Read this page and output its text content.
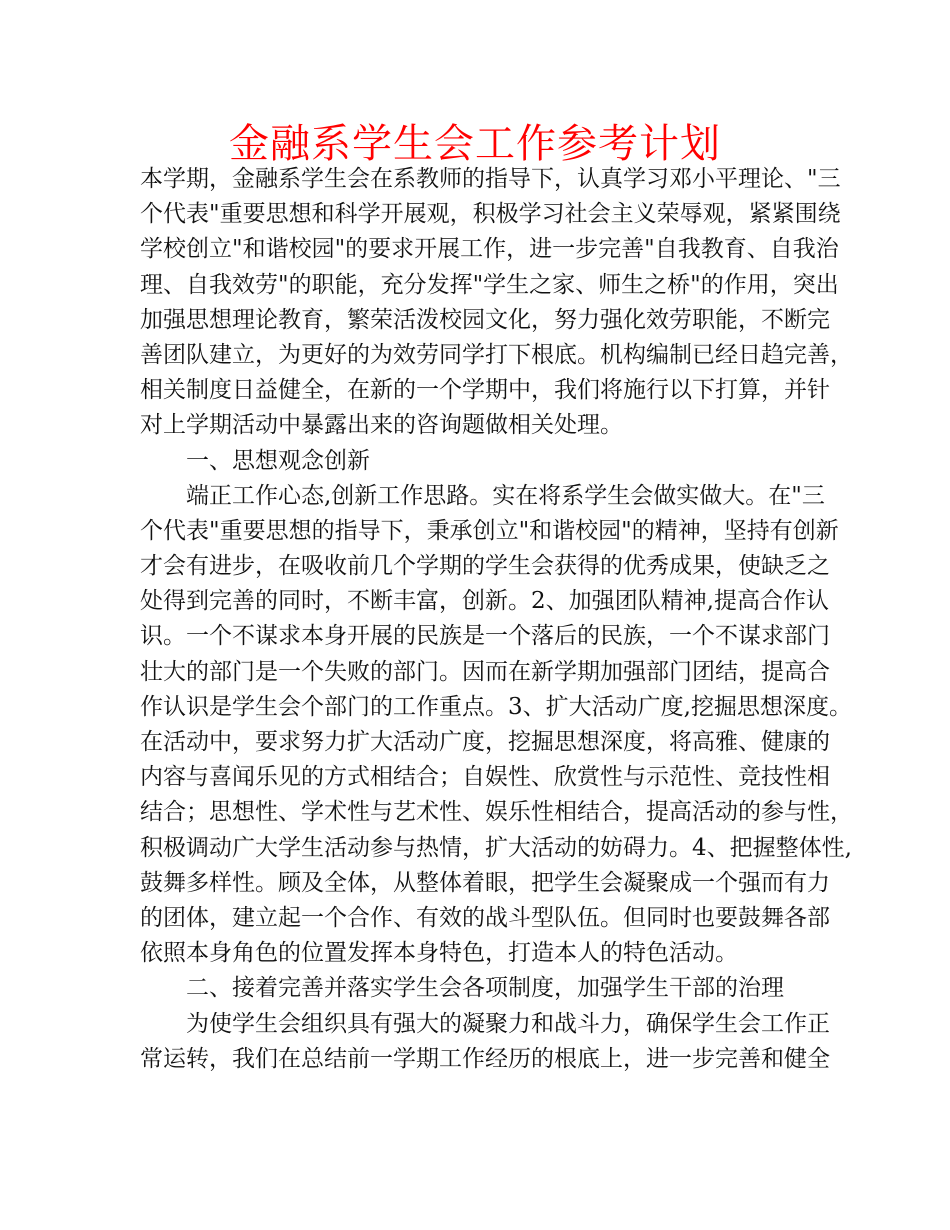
金融系学生会工作参考计划
本学期，金融系学生会在系教师的指导下，认真学习邓小平理论、"三
个代表"重要思想和科学开展观，积极学习社会主义荣辱观，紧紧围绕
学校创立"和谐校园"的要求开展工作，进一步完善"自我教育、自我治
理、自我效劳"的职能，充分发挥"学生之家、师生之桥"的作用，突出
加强思想理论教育，繁荣活泼校园文化，努力强化效劳职能，不断完
善团队建立，为更好的为效劳同学打下根底。机构编制已经日趋完善，
相关制度日益健全，在新的一个学期中，我们将施行以下打算，并针
对上学期活动中暴露出来的咨询题做相关处理。
一、思想观念创新
端正工作心态,创新工作思路。实在将系学生会做实做大。在"三
个代表"重要思想的指导下，秉承创立"和谐校园"的精神，坚持有创新
才会有进步，在吸收前几个学期的学生会获得的优秀成果，使缺乏之
处得到完善的同时，不断丰富，创新。2、加强团队精神,提高合作认
识。一个不谋求本身开展的民族是一个落后的民族，一个不谋求部门
壮大的部门是一个失败的部门。因而在新学期加强部门团结，提高合
作认识是学生会个部门的工作重点。3、扩大活动广度,挖掘思想深度。
在活动中，要求努力扩大活动广度，挖掘思想深度，将高雅、健康的
内容与喜闻乐见的方式相结合；自娱性、欣赏性与示范性、竞技性相
结合；思想性、学术性与艺术性、娱乐性相结合，提高活动的参与性，
积极调动广大学生活动参与热情，扩大活动的妨碍力。4、把握整体性,
鼓舞多样性。顾及全体，从整体着眼，把学生会凝聚成一个强而有力
的团体，建立起一个合作、有效的战斗型队伍。但同时也要鼓舞各部
依照本身角色的位置发挥本身特色，打造本人的特色活动。
二、接着完善并落实学生会各项制度，加强学生干部的治理
为使学生会组织具有强大的凝聚力和战斗力，确保学生会工作正
常运转，我们在总结前一学期工作经历的根底上，进一步完善和健全
